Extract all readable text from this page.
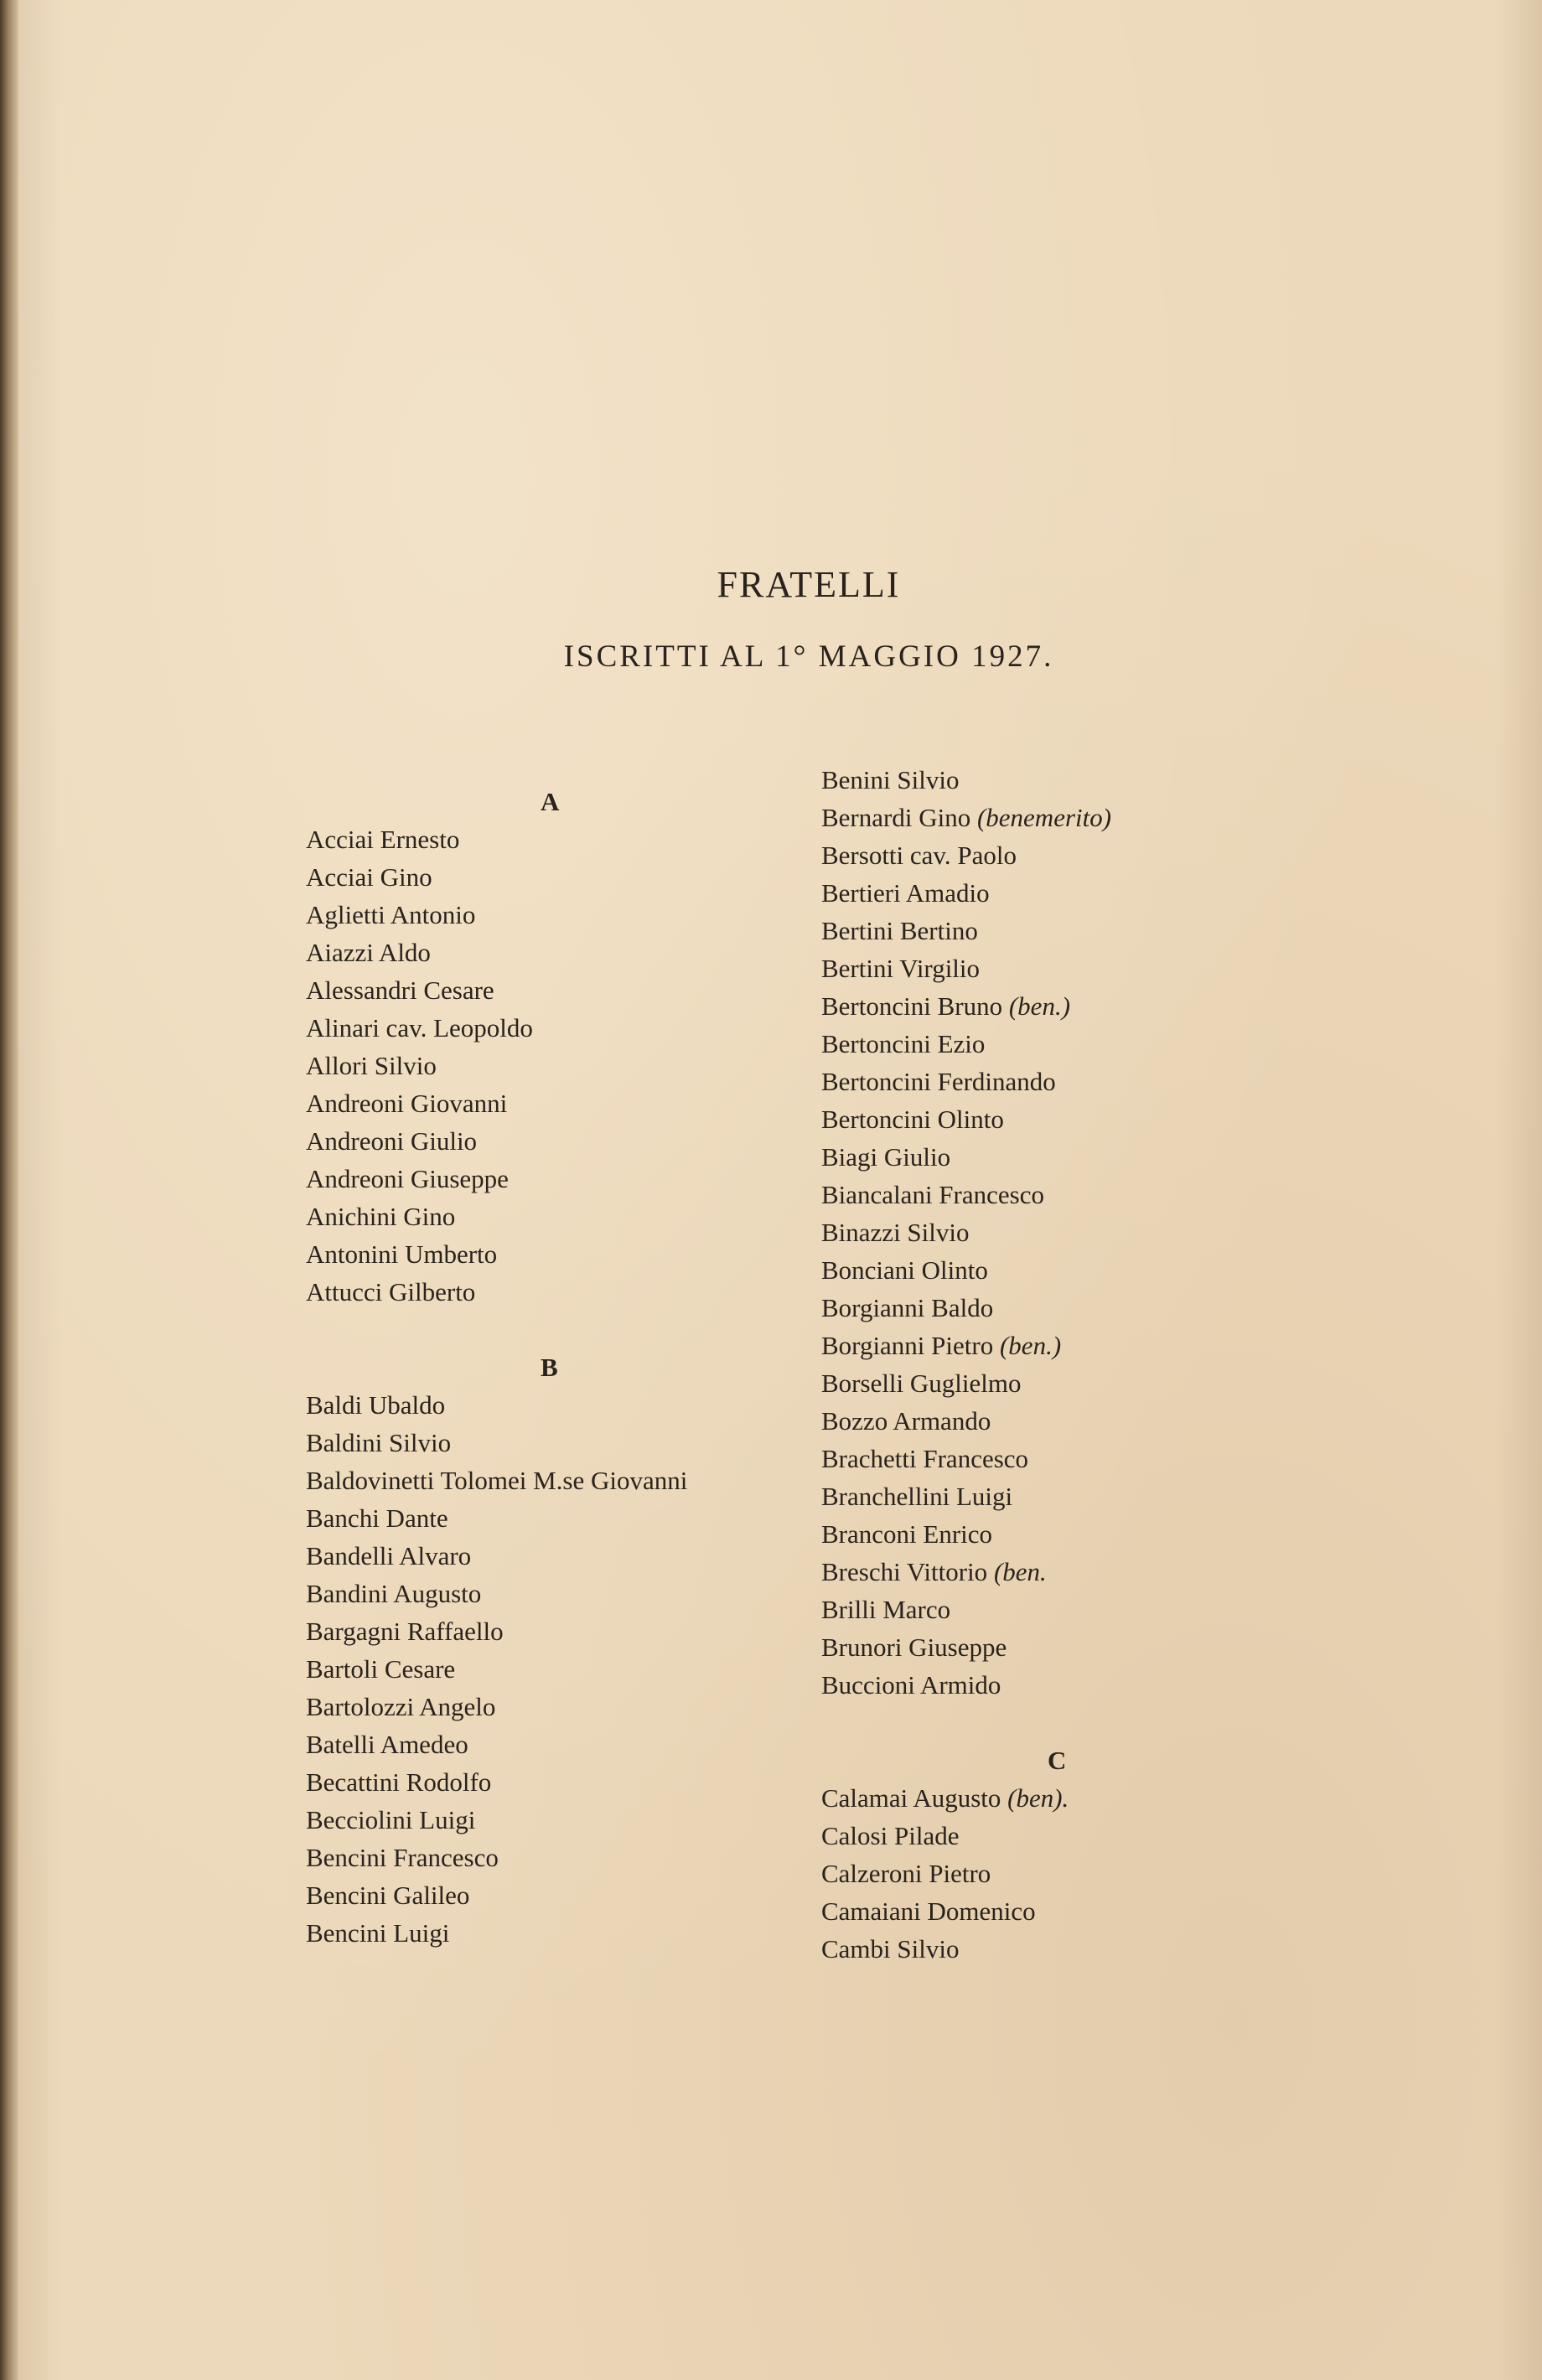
FRATELLI
ISCRITTI AL 1° MAGGIO 1927.
A
Acciai Ernesto
Acciai Gino
Aglietti Antonio
Aiazzi Aldo
Alessandri Cesare
Alinari cav. Leopoldo
Allori Silvio
Andreoni Giovanni
Andreoni Giulio
Andreoni Giuseppe
Anichini Gino
Antonini Umberto
Attucci Gilberto
B
Baldi Ubaldo
Baldini Silvio
Baldovinetti Tolomei M.se Giovanni
Banchi Dante
Bandelli Alvaro
Bandini Augusto
Bargagni Raffaello
Bartoli Cesare
Bartolozzi Angelo
Batelli Amedeo
Becattini Rodolfo
Becciolini Luigi
Bencini Francesco
Bencini Galileo
Bencini Luigi
Benini Silvio
Bernardi Gino (benemerito)
Bersotti cav. Paolo
Bertieri Amadio
Bertini Bertino
Bertini Virgilio
Bertoncini Bruno (ben.)
Bertoncini Ezio
Bertoncini Ferdinando
Bertoncini Olinto
Biagi Giulio
Biancalani Francesco
Binazzi Silvio
Bonciani Olinto
Borgianni Baldo
Borgianni Pietro (ben.)
Borselli Guglielmo
Bozzo Armando
Brachetti Francesco
Branchellini Luigi
Branconi Enrico
Breschi Vittorio (ben.
Brilli Marco
Brunori Giuseppe
Buccioni Armido
C
Calamai Augusto (ben).
Calosi Pilade
Calzeroni Pietro
Camaiani Domenico
Cambi Silvio
